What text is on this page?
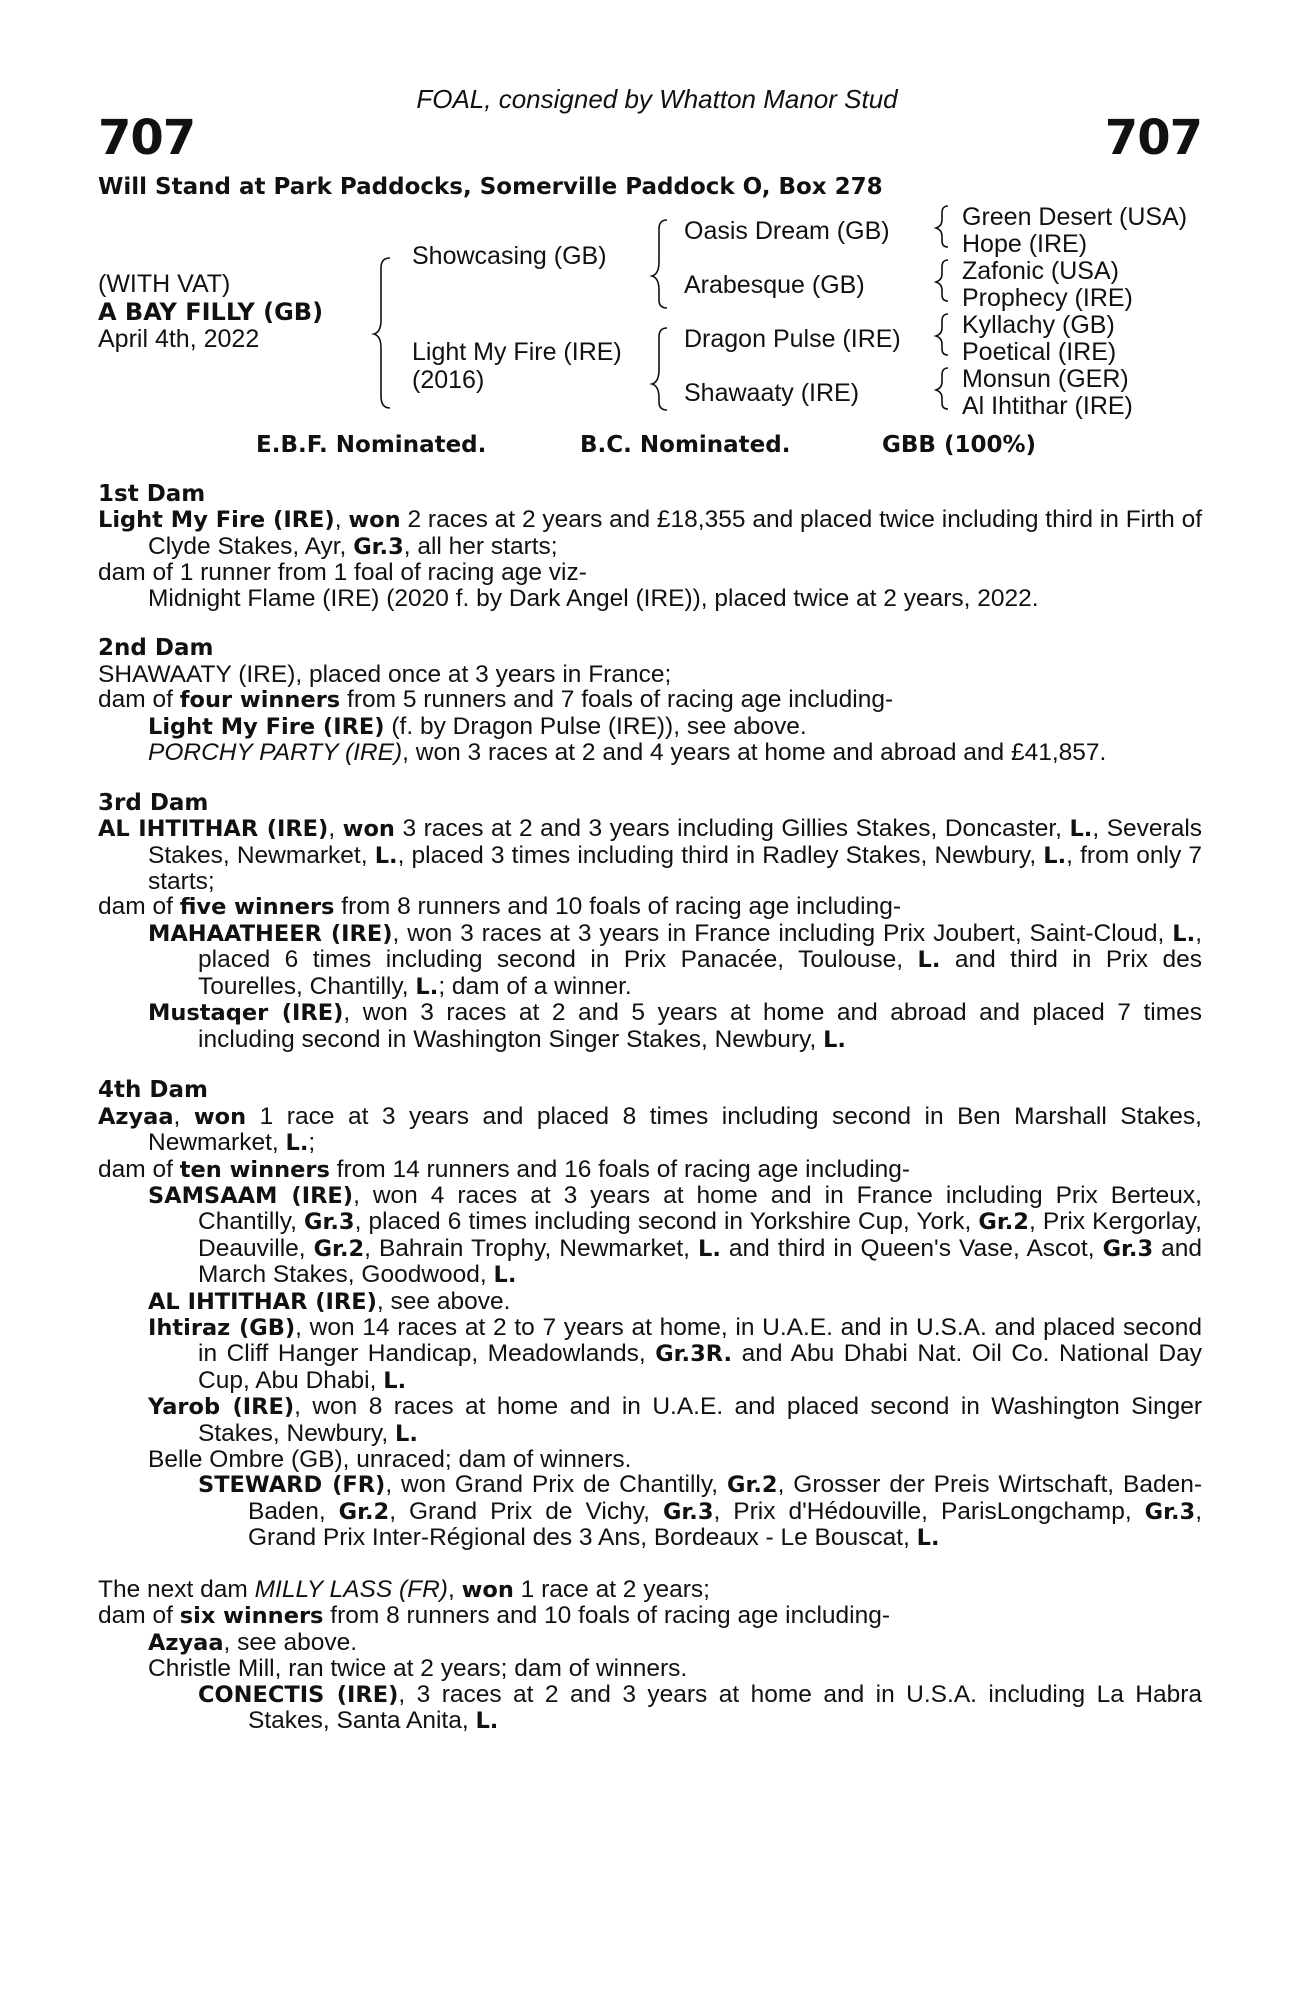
FOAL, consigned by Whatton Manor Stud
707	707
Will Stand at Park Paddocks, Somerville Paddock O, Box 278
(WITH VAT)
A BAY FILLY (GB)
April 4th, 2022
Showcasing (GB)
Light My Fire (IRE)
(2016)
Oasis Dream (GB)
Arabesque (GB)
Dragon Pulse (IRE)
Shawaaty (IRE)
Green Desert (USA)
Hope (IRE)
Zafonic (USA)
Prophecy (IRE)
Kyllachy (GB)
Poetical (IRE)
Monsun (GER)
Al Ihtithar (IRE)
E.B.F. Nominated.	B.C. Nominated.	GBB (100%)
1st Dam
Light My Fire (IRE), won 2 races at 2 years and £18,355 and placed twice including third in Firth of Clyde Stakes, Ayr, Gr.3, all her starts;
dam of 1 runner from 1 foal of racing age viz-
Midnight Flame (IRE) (2020 f. by Dark Angel (IRE)), placed twice at 2 years, 2022.
2nd Dam
SHAWAATY (IRE), placed once at 3 years in France;
dam of four winners from 5 runners and 7 foals of racing age including-
Light My Fire (IRE) (f. by Dragon Pulse (IRE)), see above.
PORCHY PARTY (IRE), won 3 races at 2 and 4 years at home and abroad and £41,857.
3rd Dam
AL IHTITHAR (IRE), won 3 races at 2 and 3 years including Gillies Stakes, Doncaster, L., Severals Stakes, Newmarket, L., placed 3 times including third in Radley Stakes, Newbury, L., from only 7 starts;
dam of five winners from 8 runners and 10 foals of racing age including-
MAHAATHEER (IRE), won 3 races at 3 years in France including Prix Joubert, Saint-Cloud, L., placed 6 times including second in Prix Panacée, Toulouse, L. and third in Prix des Tourelles, Chantilly, L.; dam of a winner.
Mustaqer (IRE), won 3 races at 2 and 5 years at home and abroad and placed 7 times including second in Washington Singer Stakes, Newbury, L.
4th Dam
Azyaa, won 1 race at 3 years and placed 8 times including second in Ben Marshall Stakes, Newmarket, L.;
dam of ten winners from 14 runners and 16 foals of racing age including-
SAMSAAM (IRE), won 4 races at 3 years at home and in France including Prix Berteux, Chantilly, Gr.3, placed 6 times including second in Yorkshire Cup, York, Gr.2, Prix Kergorlay, Deauville, Gr.2, Bahrain Trophy, Newmarket, L. and third in Queen's Vase, Ascot, Gr.3 and March Stakes, Goodwood, L.
AL IHTITHAR (IRE), see above.
Ihtiraz (GB), won 14 races at 2 to 7 years at home, in U.A.E. and in U.S.A. and placed second in Cliff Hanger Handicap, Meadowlands, Gr.3R. and Abu Dhabi Nat. Oil Co. National Day Cup, Abu Dhabi, L.
Yarob (IRE), won 8 races at home and in U.A.E. and placed second in Washington Singer Stakes, Newbury, L.
Belle Ombre (GB), unraced; dam of winners.
STEWARD (FR), won Grand Prix de Chantilly, Gr.2, Grosser der Preis Wirtschaft, Baden-Baden, Gr.2, Grand Prix de Vichy, Gr.3, Prix d'Hédouville, ParisLongchamp, Gr.3, Grand Prix Inter-Régional des 3 Ans, Bordeaux - Le Bouscat, L.
The next dam MILLY LASS (FR), won 1 race at 2 years;
dam of six winners from 8 runners and 10 foals of racing age including-
Azyaa, see above.
Christle Mill, ran twice at 2 years; dam of winners.
CONECTIS (IRE), 3 races at 2 and 3 years at home and in U.S.A. including La Habra Stakes, Santa Anita, L.
